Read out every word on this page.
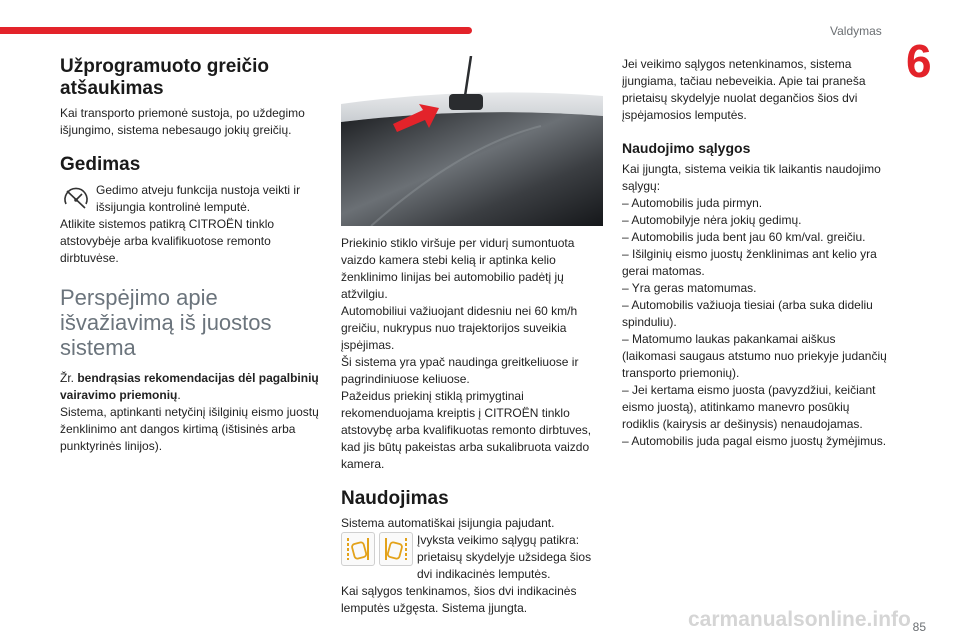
Valdymas
6
Užprogramuoto greičio atšaukimas

Kai transporto priemonė sustoja, po uždegimo išjungimo, sistema nebesaugo jokių greičių.

Gedimas

Gedimo atveju funkcija nustoja veikti ir išsijungia kontrolinė lemputė.

Atlikite sistemos patikrą CITROËN tinklo atstovybėje arba kvalifikuotose remonto dirbtuvėse.

Perspėjimo apie išvažiavimą iš juostos sistema

Žr. bendrąsias rekomendacijas dėl pagalbinių vairavimo priemonių.

Sistema, aptinkanti netyčinį išilginių eismo juostų ženklinimo ant dangos kirtimą (ištisinės arba punktyrinės linijos).

Priekinio stiklo viršuje per vidurį sumontuota vaizdo kamera stebi kelią ir aptinka kelio ženklinimo linijas bei automobilio padėtį jų atžvilgiu.

Automobiliui važiuojant didesniu nei 60 km/h greičiu, nukrypus nuo trajektorijos suveikia įspėjimas.

Ši sistema yra ypač naudinga greitkeliuose ir pagrindiniuose keliuose.

Pažeidus priekinį stiklą primygtinai rekomenduojama kreiptis į CITROËN tinklo atstovybę arba kvalifikuotas remonto dirbtuves, kad jis būtų pakeistas arba sukalibruota vaizdo kamera.

Naudojimas

Sistema automatiškai įsijungia pajudant.

Įvyksta veikimo sąlygų patikra: prietaisų skydelyje užsidega šios dvi indikacinės lemputės.

Kai sąlygos tenkinamos, šios dvi indikacinės lemputės užgęsta. Sistema įjungta.

Jei veikimo sąlygos netenkinamos, sistema įjungiama, tačiau nebeveikia. Apie tai praneša prietaisų skydelyje nuolat degančios šios dvi įspėjamosios lemputės.

Naudojimo sąlygos

Kai įjungta, sistema veikia tik laikantis naudojimo sąlygų:

– Automobilis juda pirmyn.
– Automobilyje nėra jokių gedimų.
– Automobilis juda bent jau 60 km/val. greičiu.
– Išilginių eismo juostų ženklinimas ant kelio yra gerai matomas.
– Yra geras matomumas.
– Automobilis važiuoja tiesiai (arba suka dideliu spinduliu).
– Matomumo laukas pakankamai aiškus (laikomasi saugaus atstumo nuo priekyje judančių transporto priemonių).
– Jei kertama eismo juosta (pavyzdžiui, keičiant eismo juostą), atitinkamo manevro posūkių rodiklis (kairysis ar dešinysis) nenaudojamas.
– Automobilis juda pagal eismo juostų žymėjimus.
carmanualsonline.info 85
